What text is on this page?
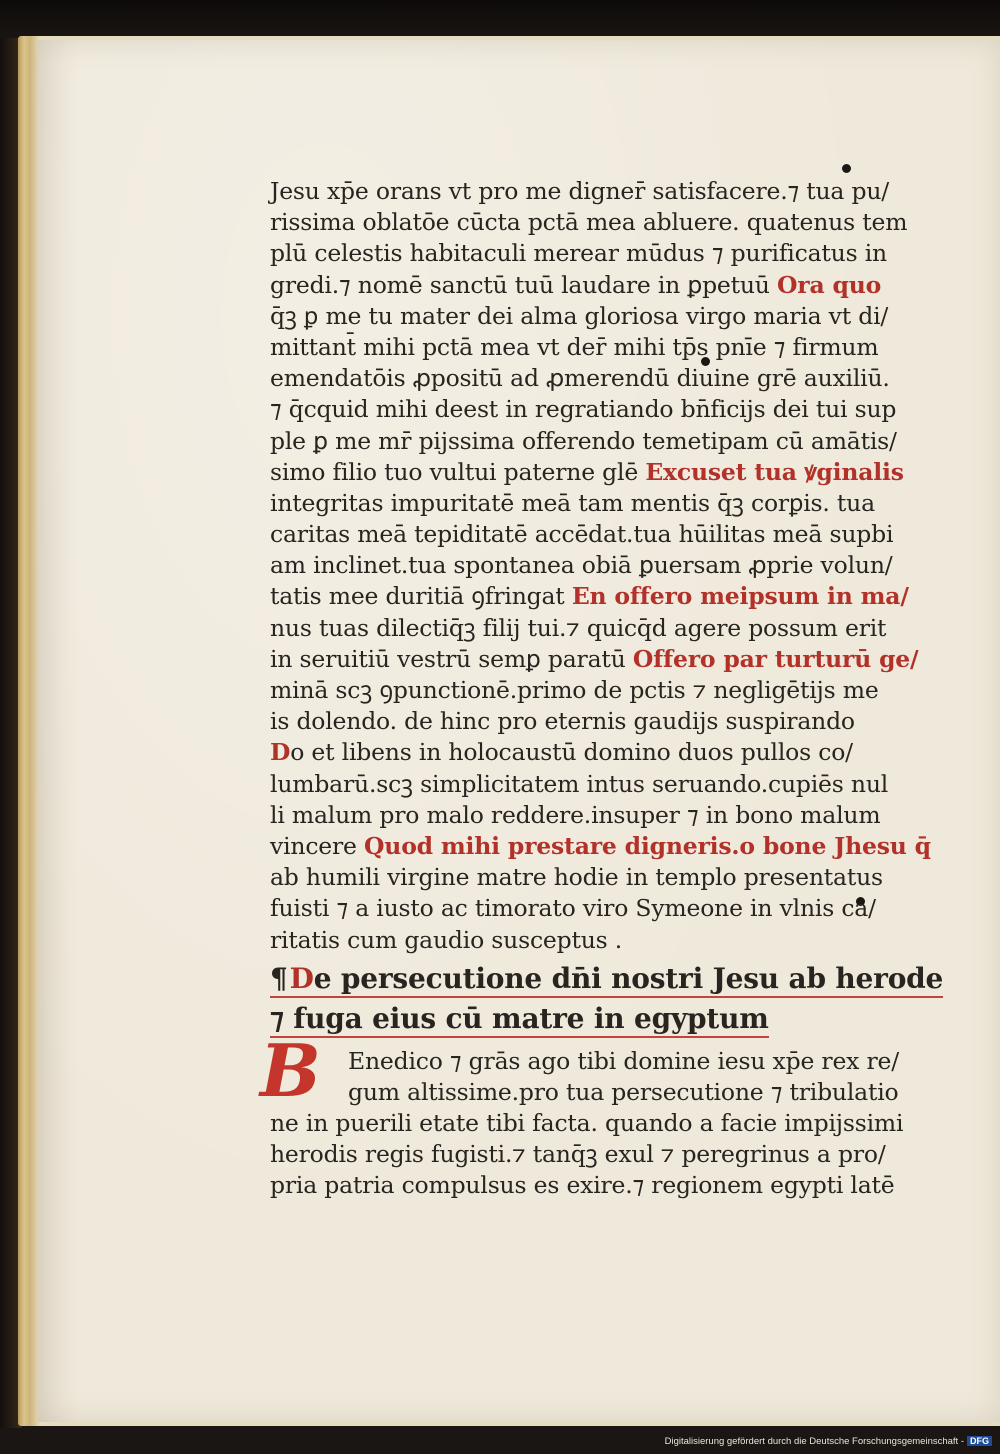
Jesu xp̄e orans vt pro me digner̄ satisfacere.⁊ tua pu/
rissima oblatōe cūcta pctā mea abluere. quatenus tem
plū celestis habitaculi merear mūdus ⁊ purificatus in
gredi.⁊ nomē sanctū tuū laudare in ꝑpetuū Ora quo
q̄ꝫ ꝑ me tu mater dei alma gloriosa virgo maria vt di/
mittant̄ mihi pctā mea vt der̄ mihi tp̄s pnīe ⁊ firmum
emendatōis ꝓpositū ad ꝓmerendū diuine grē auxiliū.
⁊ q̄cquid mihi deest in regratiando bn̄ficijs dei tui sup
ple ꝑ me mr̄ pijssima offerendo temetipam cū amātis/
simo filio tuo vultui paterne glē Excuset tua ꝟginalis
integritas impuritatē meā tam mentis q̄ꝫ corꝑis. tua
caritas meā tepiditatē accēdat.tua hūilitas meā supbi
am inclinet.tua spontanea obiā ꝑuersam ꝓprie volun/
tatis mee duritiā ꝯfringat En offero meipsum in ma/
nus tuas dilectiq̄ꝫ filij tui.⁊ quicq̄d agere possum erit
in seruitiū vestrū semꝑ paratū Offero par turturū ge/
minā scꝫ ꝯpunctionē.primo de pctis ⁊ negligētijs me
is dolendo. de hinc pro eternis gaudijs suspirando
Do et libens in holocaustū domino duos pullos co/
lumbarū.scꝫ simplicitatem intus seruando.cupiēs nul
li malum pro malo reddere.insuper ⁊ in bono malum
vincere Quod mihi prestare digneris.o bone Jhesu q̄
ab humili virgine matre hodie in templo presentatus
fuisti ⁊ a iusto ac timorato viro Symeone in vlnis ca/
ritatis cum gaudio susceptus .
¶De persecutione dn̄i nostri Jesu ab herode
⁊ fuga eius cū matre in egyptum
B	Enedico ⁊ grās ago tibi domine iesu xp̄e rex re/
gum altissime.pro tua persecutione ⁊ tribulatio
ne in puerili etate tibi facta. quando a facie impijssimi
herodis regis fugisti.⁊ tanq̄ꝫ exul ⁊ peregrinus a pro/
pria patria compulsus es exire.⁊ regionem egypti latē
Digitalisierung gefördert durch die Deutsche Forschungsgemeinschaft - DFG
